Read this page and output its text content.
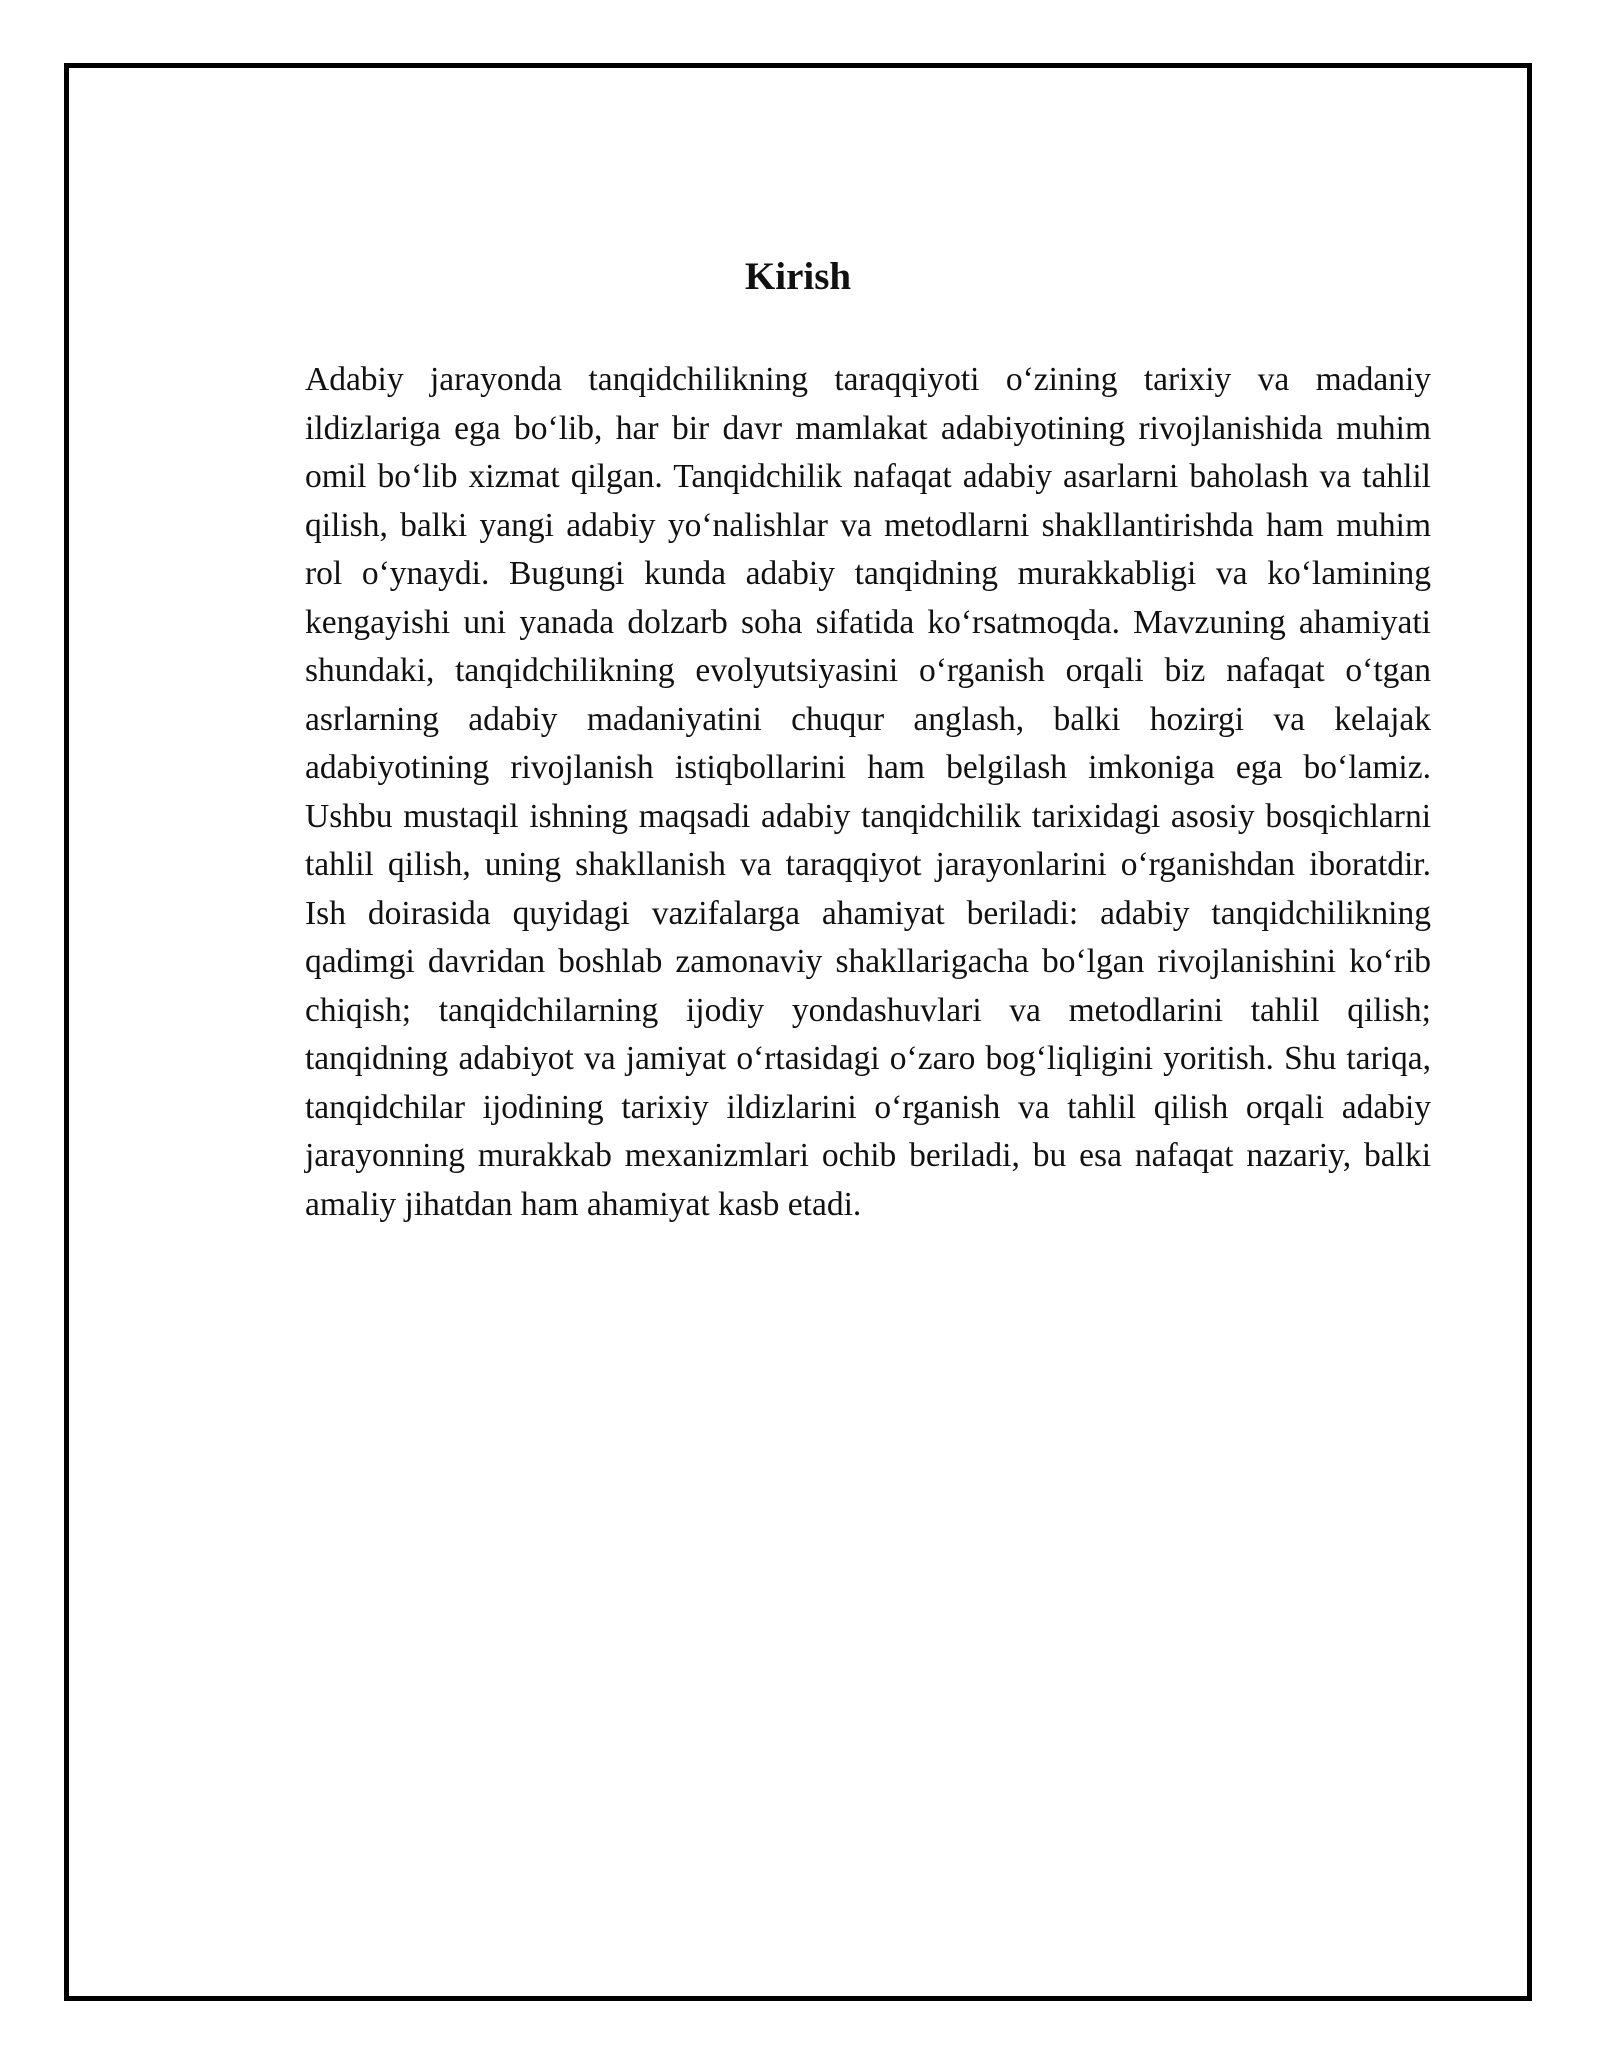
Kirish

Adabiy jarayonda tanqidchilikning taraqqiyoti o‘zining tarixiy va madaniy ildizlariga ega bo‘lib, har bir davr mamlakat adabiyotining rivojlanishida muhim omil bo‘lib xizmat qilgan. Tanqidchilik nafaqat adabiy asarlarni baholash va tahlil qilish, balki yangi adabiy yo‘nalishlar va metodlarni shakllantirishda ham muhim rol o‘ynaydi. Bugungi kunda adabiy tanqidning murakkabligi va ko‘lamining kengayishi uni yanada dolzarb soha sifatida ko‘rsatmoqda. Mavzuning ahamiyati shundaki, tanqidchilikning evolyutsiyasini o‘rganish orqali biz nafaqat o‘tgan asrlarning adabiy madaniyatini chuqur anglash, balki hozirgi va kelajak adabiyotining rivojlanish istiqbollarini ham belgilash imkoniga ega bo‘lamiz. Ushbu mustaqil ishning maqsadi adabiy tanqidchilik tarixidagi asosiy bosqichlarni tahlil qilish, uning shakllanish va taraqqiyot jarayonlarini o‘rganishdan iboratdir. Ish doirasida quyidagi vazifalarga ahamiyat beriladi: adabiy tanqidchilikning qadimgi davridan boshlab zamonaviy shakllarigacha bo‘lgan rivojlanishini ko‘rib chiqish; tanqidchilarning ijodiy yondashuvlari va metodlarini tahlil qilish; tanqidning adabiyot va jamiyat o‘rtasidagi o‘zaro bog‘liqligini yoritish. Shu tariqa, tanqidchilar ijodining tarixiy ildizlarini o‘rganish va tahlil qilish orqali adabiy jarayonning murakkab mexanizmlari ochib beriladi, bu esa nafaqat nazariy, balki amaliy jihatdan ham ahamiyat kasb etadi.
